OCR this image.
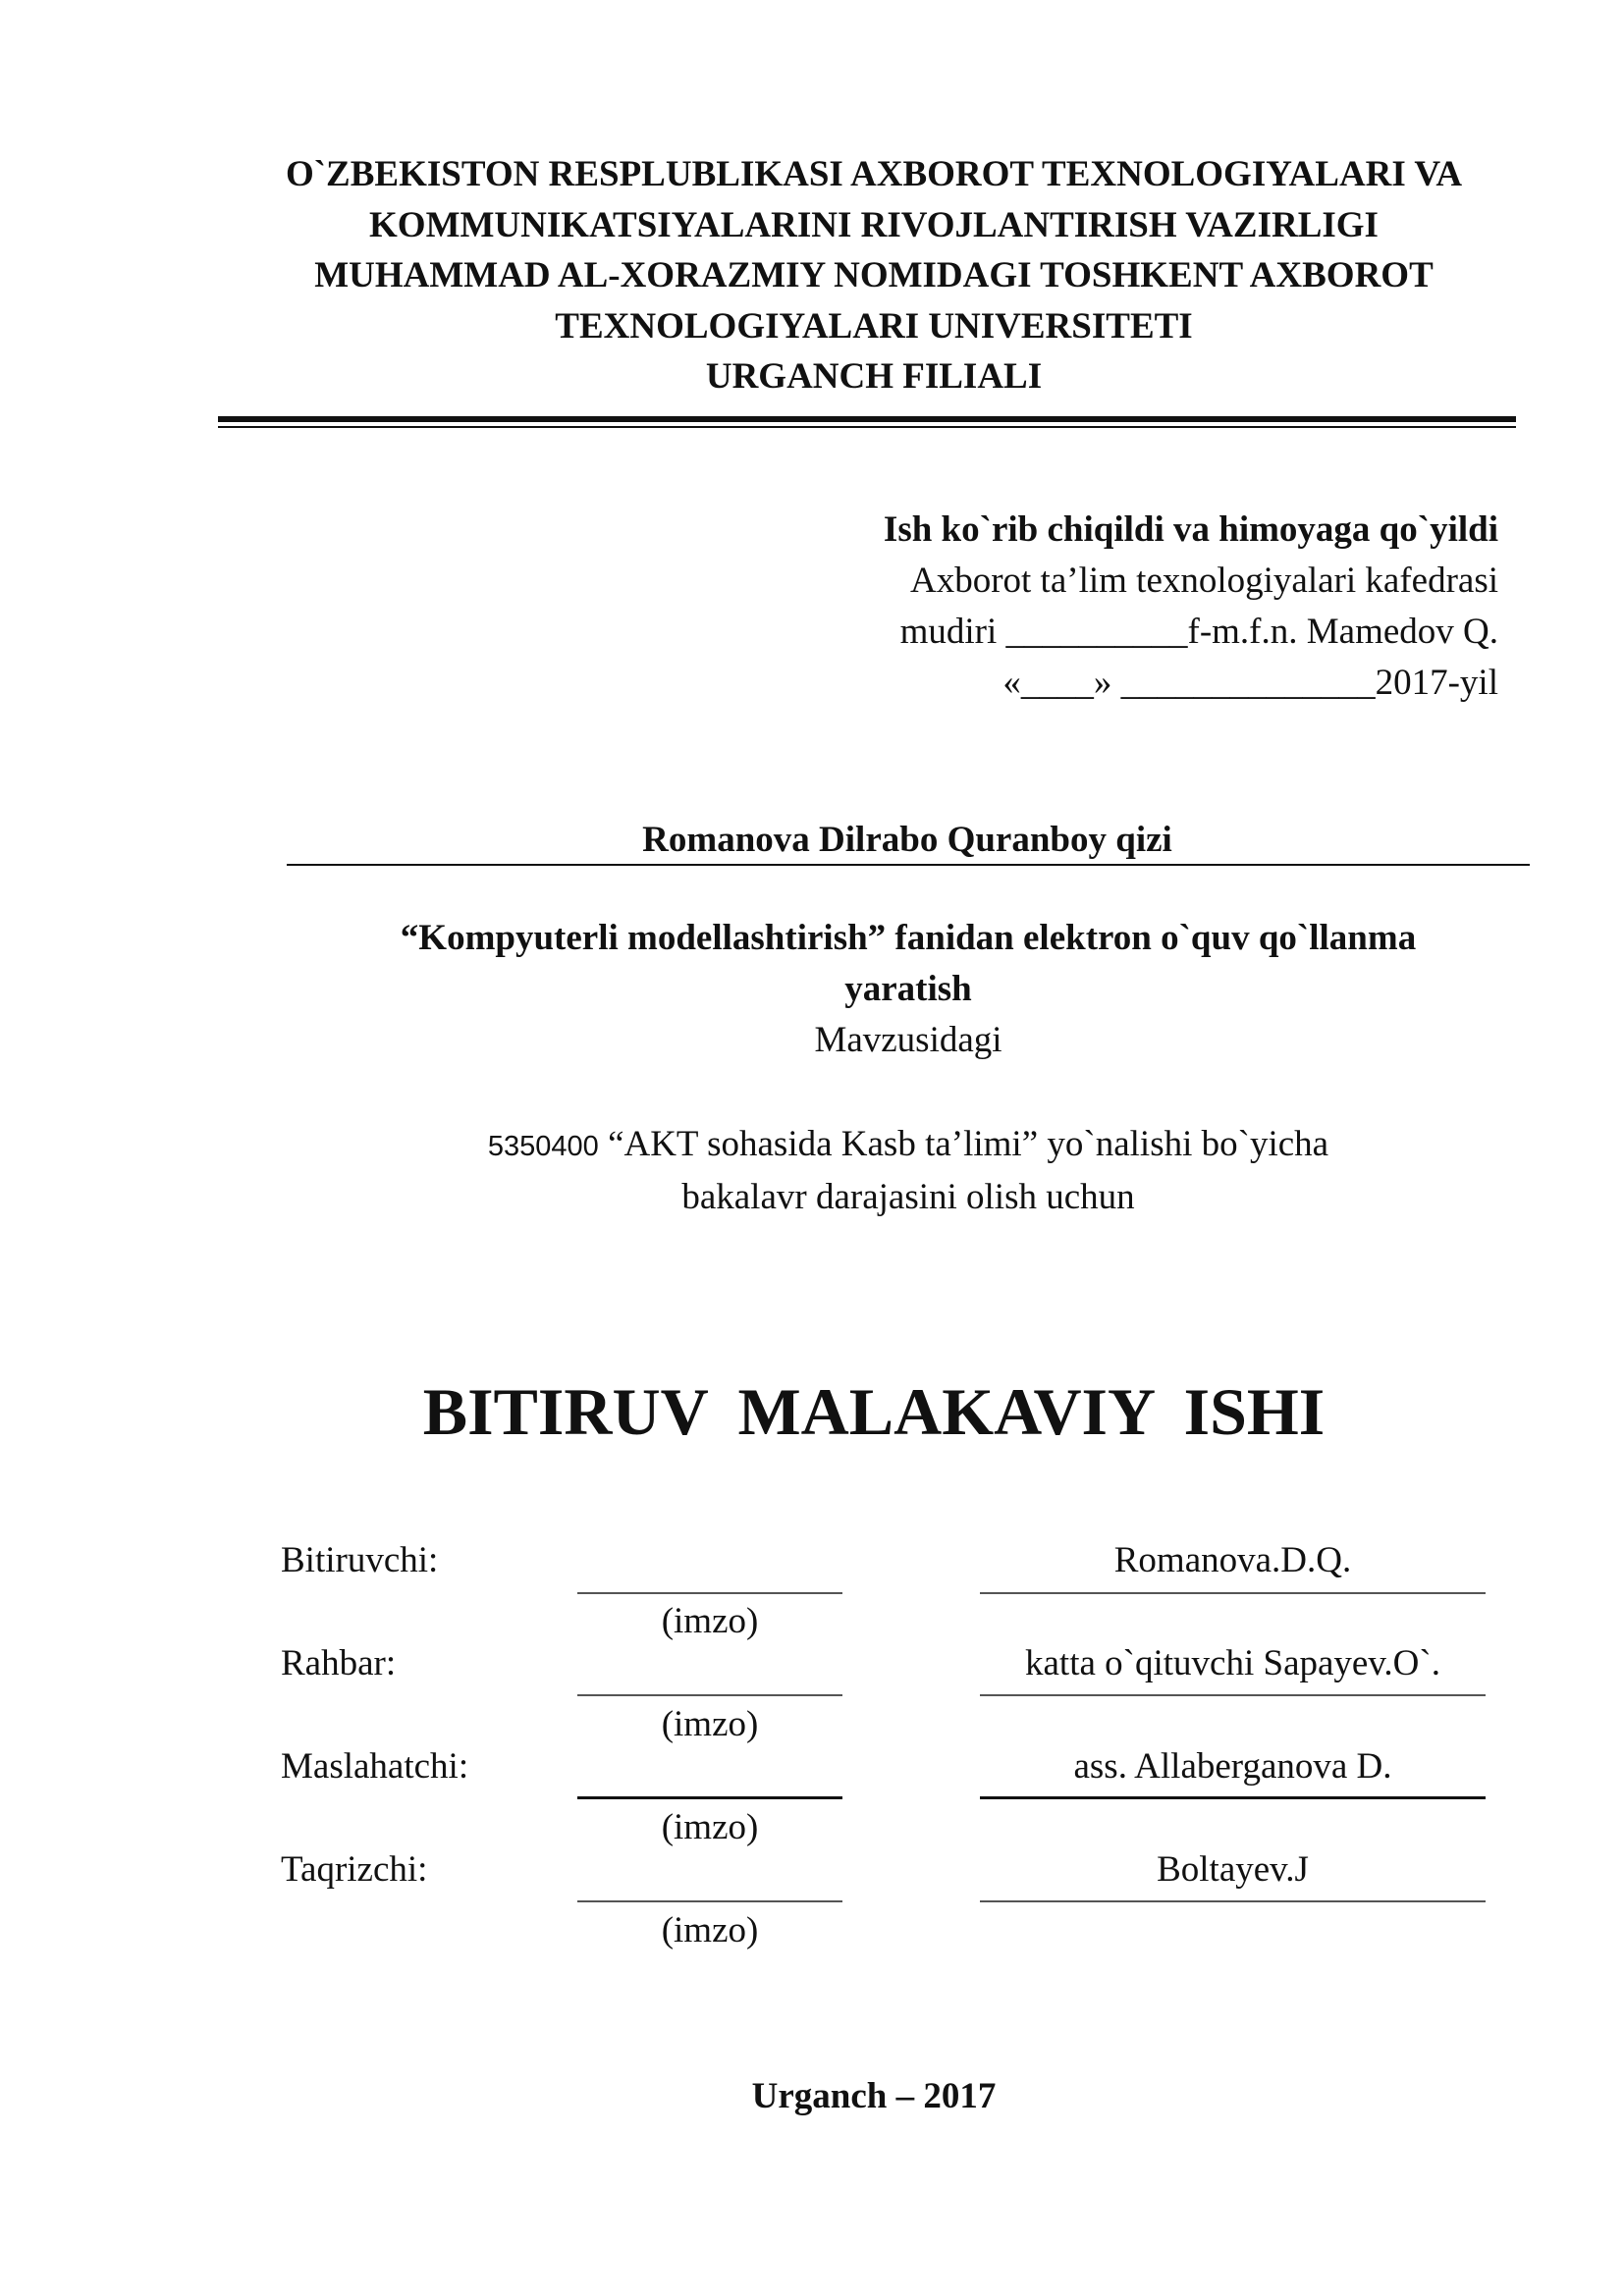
O`ZBEKISTON RESPLUBLIKASI AXBOROT TEXNOLOGIYALARI VA
KOMMUNIKATSIYALARINI RIVOJLANTIRISH VAZIRLIGI
MUHAMMAD AL-XORAZMIY NOMIDAGI TOSHKENT AXBOROT
TEXNOLOGIYALARI UNIVERSITETI
URGANCH FILIALI
Ish ko`rib chiqildi va himoyaga qo`yildi
Axborot ta’lim texnologiyalari kafedrasi
mudiri __________f-m.f.n. Mamedov Q.
«____» ______________2017-yil
Romanova Dilrabo Quranboy qizi
“Kompyuterli modellashtirish” fanidan elektron o`quv qo`llanma
yaratish
Mavzusidagi
5350400 “AKT sohasida Kasb ta’limi” yo`nalishi bo`yicha
bakalavr darajasini olish uchun
BITIRUV MALAKAVIY ISHI
Bitiruvchi:	Romanova.D.Q.
(imzo)
Rahbar:	katta o`qituvchi Sapayev.O`.
(imzo)
Maslahatchi:	ass. Allaberganova D.
(imzo)
Taqrizchi:	Boltayev.J
(imzo)
Urganch – 2017
